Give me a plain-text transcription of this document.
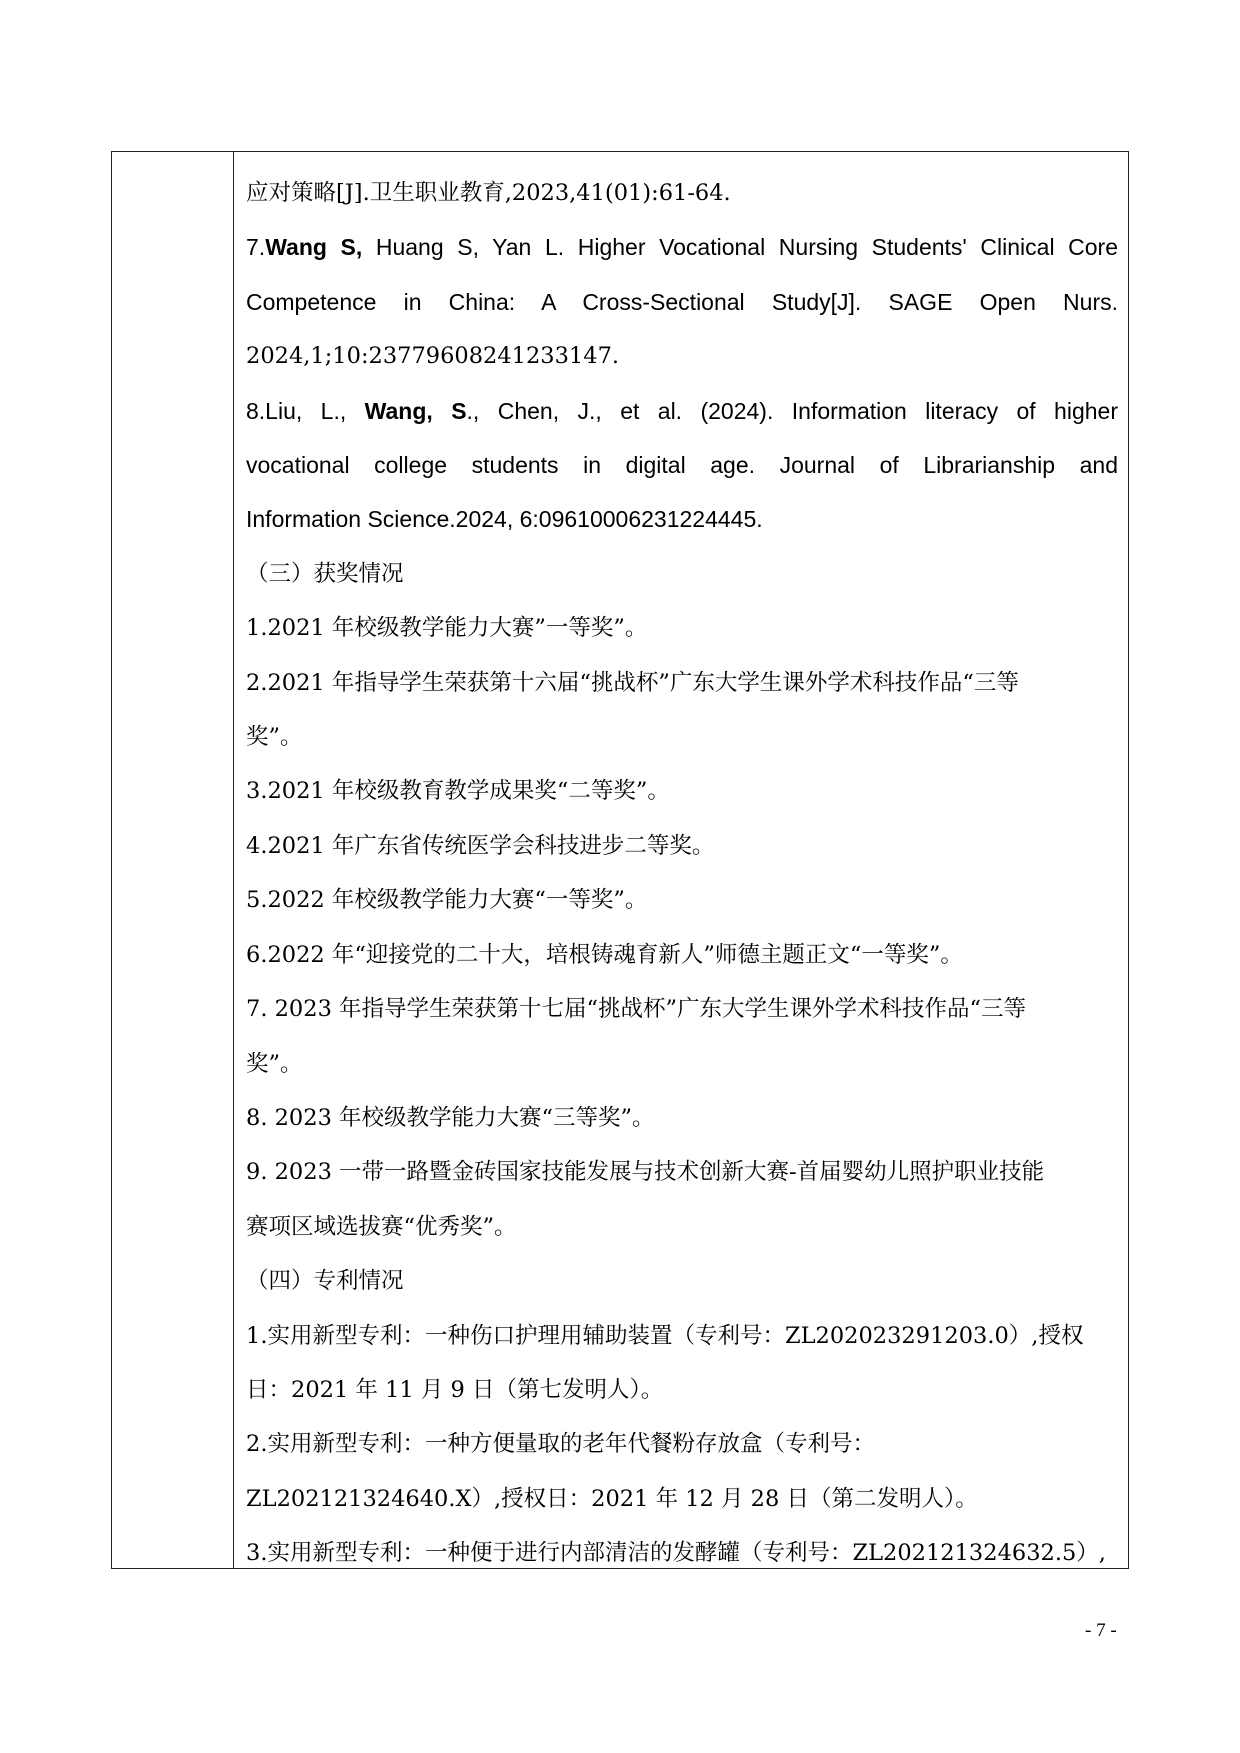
应对策略[J].卫生职业教育,2023,41(01):61-64.

7.Wang S, Huang S, Yan L. Higher Vocational Nursing Students' Clinical Core

Competence in China: A Cross-Sectional Study[J]. SAGE Open Nurs.

2024,1;10:23779608241233147.

8.Liu, L., Wang, S., Chen, J., et al. (2024). Information literacy of higher

vocational college students in digital age. Journal of Librarianship and

Information Science.2024, 6:09610006231224445.

（三）获奖情况

1.2021 年校级教学能力大赛”一等奖”。

2.2021 年指导学生荣获第十六届“挑战杯”广东大学生课外学术科技作品“三等

奖”。

3.2021 年校级教育教学成果奖“二等奖”。

4.2021 年广东省传统医学会科技进步二等奖。

5.2022 年校级教学能力大赛“一等奖”。

6.2022 年“迎接党的二十大，培根铸魂育新人”师德主题正文“一等奖”。

7. 2023 年指导学生荣获第十七届“挑战杯”广东大学生课外学术科技作品“三等

奖”。

8. 2023 年校级教学能力大赛“三等奖”。

9. 2023 一带一路暨金砖国家技能发展与技术创新大赛-首届婴幼儿照护职业技能

赛项区域选拔赛“优秀奖”。

（四）专利情况

1.实用新型专利：一种伤口护理用辅助装置（专利号：ZL202023291203.0）,授权

日：2021 年 11 月 9 日（第七发明人）。

2.实用新型专利：一种方便量取的老年代餐粉存放盒（专利号：

ZL202121324640.X）,授权日：2021 年 12 月 28 日（第二发明人）。

3.实用新型专利：一种便于进行内部清洁的发酵罐（专利号：ZL202121324632.5）,

- 7 -
